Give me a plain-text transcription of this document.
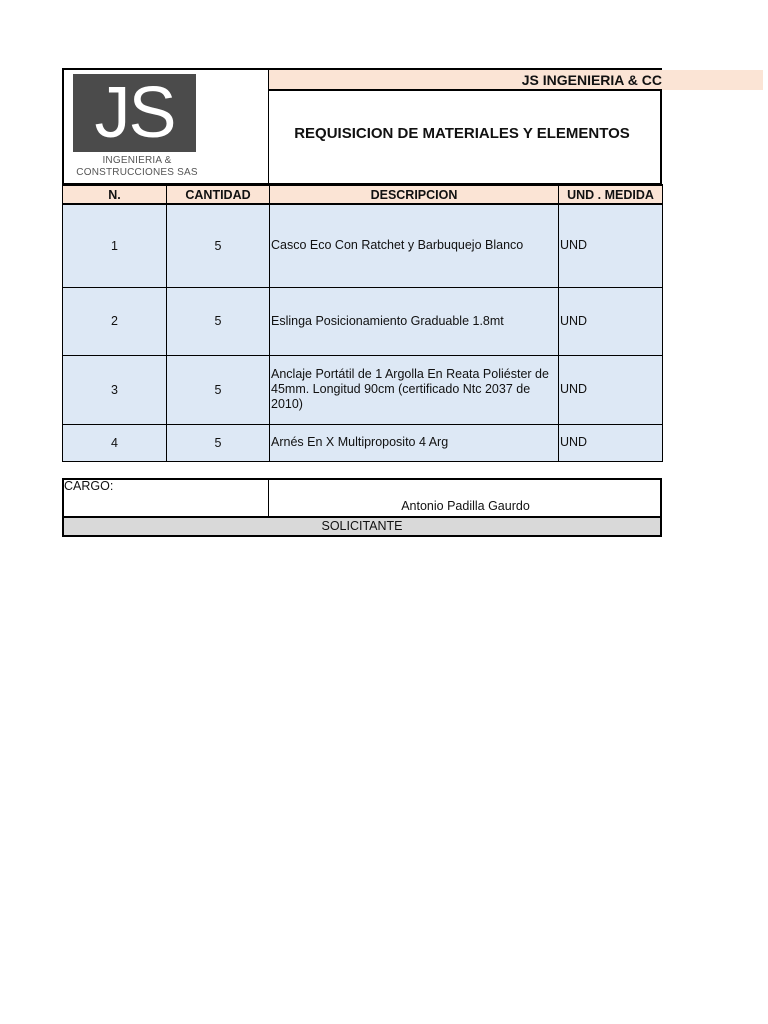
JS
INGENIERIA &
CONSTRUCCIONES SAS
JS INGENIERIA & CC
REQUISICION DE MATERIALES Y ELEMENTOS
N.	CANTIDAD	DESCRIPCION	UND . MEDIDA
1	5	Casco Eco Con Ratchet y Barbuquejo Blanco	UND
2	5	Eslinga Posicionamiento Graduable 1.8mt	UND
3	5	Anclaje Portátil de 1 Argolla En Reata Poliéster de 45mm. Longitud 90cm (certificado Ntc 2037 de 2010)	UND
4	5	Arnés En X Multiproposito 4 Arg	UND
CARGO:
Antonio Padilla Gaurdo
SOLICITANTE
